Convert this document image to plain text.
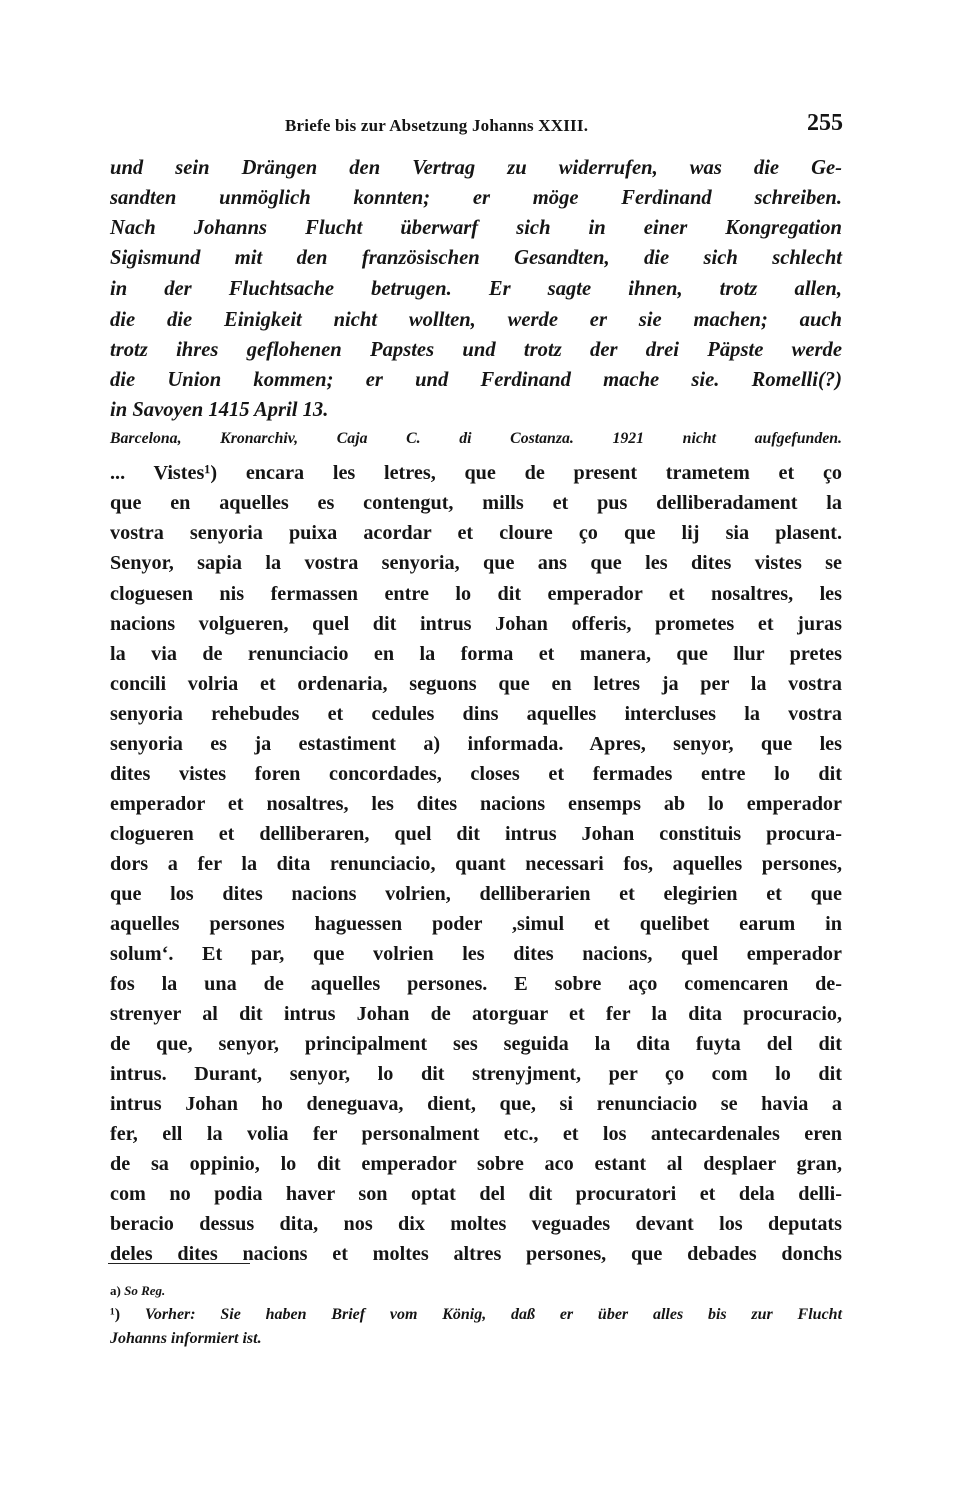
Briefe bis zur Absetzung Johanns XXIII.	255
und sein Drängen den Vertrag zu widerrufen, was die Ge-
sandten unmöglich konnten; er möge Ferdinand schreiben.
Nach Johanns Flucht überwarf sich in einer Kongregation
Sigismund mit den französischen Gesandten, die sich schlecht
in der Fluchtsache betrugen. Er sagte ihnen, trotz allen,
die die Einigkeit nicht wollten, werde er sie machen; auch
trotz ihres geflohenen Papstes und trotz der drei Päpste werde
die Union kommen; er und Ferdinand mache sie. Romelli(?)
in Savoyen 1415 April 13.
Barcelona, Kronarchiv, Caja C. di Costanza. 1921 nicht aufgefunden.
... Vistes¹) encara les letres, que de present trametem et ço
que en aquelles es contengut, mills et pus delliberadament la
vostra senyoria puixa acordar et cloure ço que lij sia plasent.
Senyor, sapia la vostra senyoria, que ans que les dites vistes se
cloguesen nis fermassen entre lo dit emperador et nosaltres, les
nacions volgueren, quel dit intrus Johan offeris, prometes et juras
la via de renunciacio en la forma et manera, que llur pretes
concili volria et ordenaria, seguons que en letres ja per la vostra
senyoria rehebudes et cedules dins aquelles intercluses la vostra
senyoria es ja estastiment a) informada. Apres, senyor, que les
dites vistes foren concordades, closes et fermades entre lo dit
emperador et nosaltres, les dites nacions ensemps ab lo emperador
clogueren et delliberaren, quel dit intrus Johan constituis procura-
dors a fer la dita renunciacio, quant necessari fos, aquelles persones,
que los dites nacions volrien, delliberarien et elegirien et que
aquelles persones haguessen poder ,simul et quelibet earum in
solum‘. Et par, que volrien les dites nacions, quel emperador
fos la una de aquelles persones. E sobre aço comencaren de-
strenyer al dit intrus Johan de atorguar et fer la dita procuracio,
de que, senyor, principalment ses seguida la dita fuyta del dit
intrus. Durant, senyor, lo dit strenyjment, per ço com lo dit
intrus Johan ho deneguava, dient, que, si renunciacio se havia a
fer, ell la volia fer personalment etc., et los antecardenales eren
de sa oppinio, lo dit emperador sobre aco estant al desplaer gran,
com no podia haver son optat del dit procuratori et dela delli-
beracio dessus dita, nos dix moltes veguades devant los deputats
deles dites nacions et moltes altres persones, que debades donchs
a) So Reg.
¹) Vorher: Sie haben Brief vom König, daß er über alles bis zur Flucht
Johanns informiert ist.
